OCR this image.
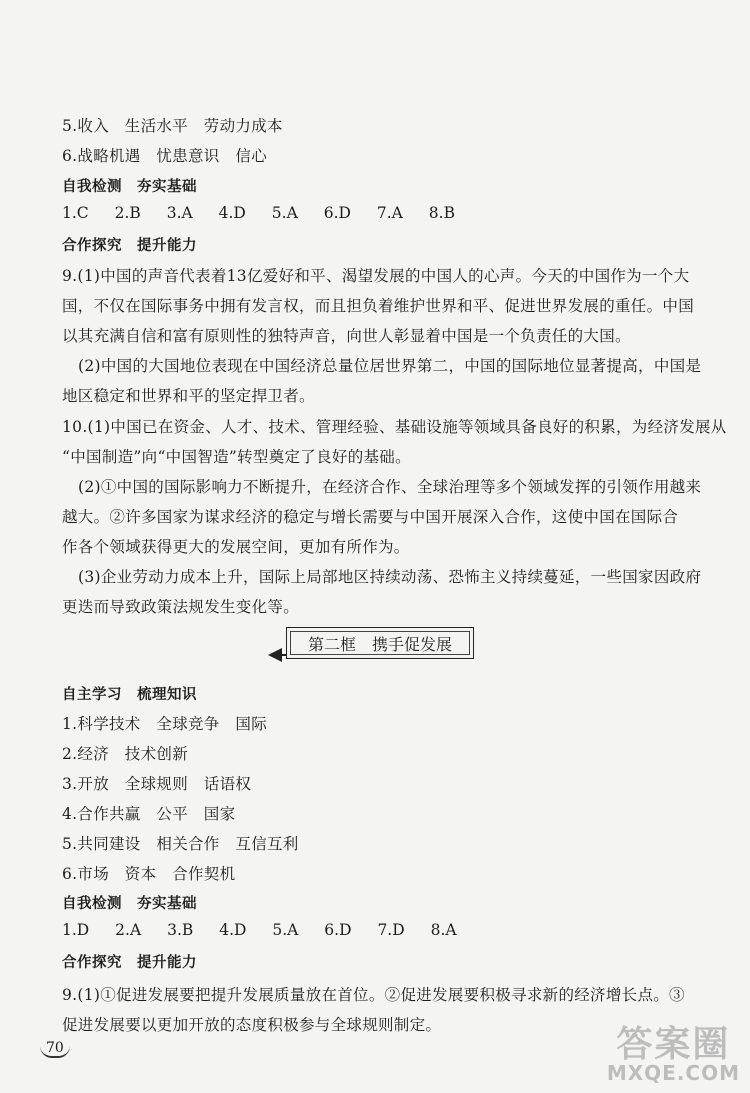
5.收入　生活水平　劳动力成本
6.战略机遇　忧患意识　信心
自我检测　夯实基础
1.C 2.B 3.A 4.D 5.A 6.D 7.A 8.B
合作探究　提升能力
9.(1)中国的声音代表着13亿爱好和平、渴望发展的中国人的心声。今天的中国作为一个大
国，不仅在国际事务中拥有发言权，而且担负着维护世界和平、促进世界发展的重任。中国
以其充满自信和富有原则性的独特声音，向世人彰显着中国是一个负责任的大国。
(2)中国的大国地位表现在中国经济总量位居世界第二，中国的国际地位显著提高，中国是
地区稳定和世界和平的坚定捍卫者。
10.(1)中国已在资金、人才、技术、管理经验、基础设施等领域具备良好的积累，为经济发展从
“中国制造”向“中国智造”转型奠定了良好的基础。
(2)①中国的国际影响力不断提升，在经济合作、全球治理等多个领域发挥的引领作用越来
越大。②许多国家为谋求经济的稳定与增长需要与中国开展深入合作，这使中国在国际合
作各个领域获得更大的发展空间，更加有所作为。
(3)企业劳动力成本上升，国际上局部地区持续动荡、恐怖主义持续蔓延，一些国家因政府
更迭而导致政策法规发生变化等。
第二框　携手促发展
自主学习　梳理知识
1.科学技术　全球竞争　国际
2.经济　技术创新
3.开放　全球规则　话语权
4.合作共赢　公平　国家
5.共同建设　相关合作　互信互利
6.市场　资本　合作契机
自我检测　夯实基础
1.D 2.A 3.B 4.D 5.A 6.D 7.D 8.A
合作探究　提升能力
9.(1)①促进发展要把提升发展质量放在首位。②促进发展要积极寻求新的经济增长点。③
促进发展要以更加开放的态度积极参与全球规则制定。
70	答案圈
MXQE.COM
